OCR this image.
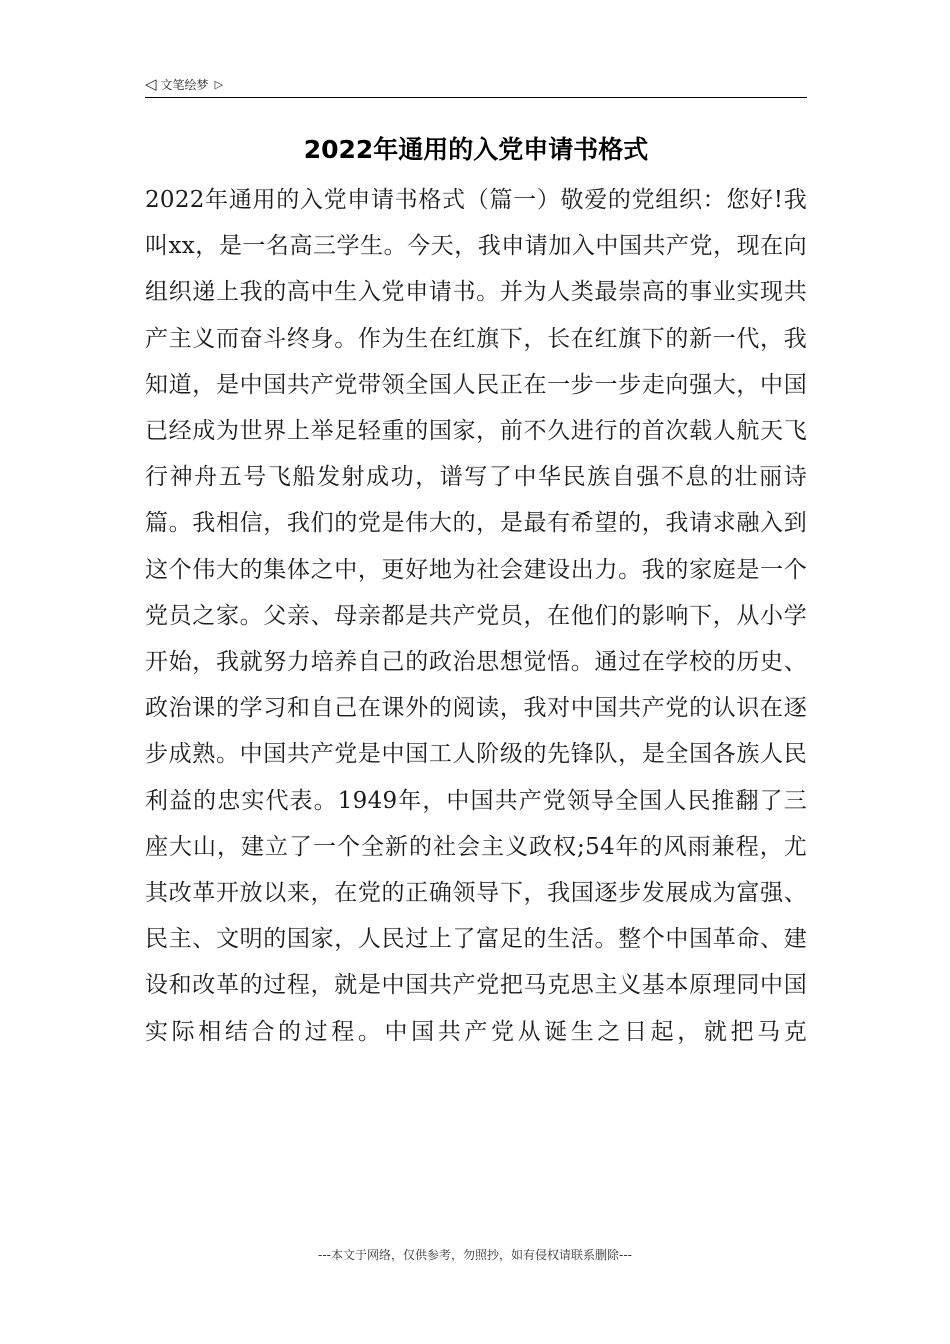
◁ 文笔绘梦 ▷
2022年通用的入党申请书格式

2022年通用的入党申请书格式（篇一）敬爱的党组织：您好!我叫xx，是一名高三学生。今天，我申请加入中国共产党，现在向组织递上我的高中生入党申请书。并为人类最崇高的事业实现共产主义而奋斗终身。作为生在红旗下，长在红旗下的新一代，我知道，是中国共产党带领全国人民正在一步一步走向强大，中国已经成为世界上举足轻重的国家，前不久进行的首次载人航天飞行神舟五号飞船发射成功，谱写了中华民族自强不息的壮丽诗篇。我相信，我们的党是伟大的，是最有希望的，我请求融入到这个伟大的集体之中，更好地为社会建设出力。我的家庭是一个党员之家。父亲、母亲都是共产党员，在他们的影响下，从小学开始，我就努力培养自己的政治思想觉悟。通过在学校的历史、政治课的学习和自己在课外的阅读，我对中国共产党的认识在逐步成熟。中国共产党是中国工人阶级的先锋队，是全国各族人民利益的忠实代表。1949年，中国共产党领导全国人民推翻了三座大山，建立了一个全新的社会主义政权;54年的风雨兼程，尤其改革开放以来，在党的正确领导下，我国逐步发展成为富强、民主、文明的国家，人民过上了富足的生活。整个中国革命、建设和改革的过程，就是中国共产党把马克思主义基本原理同中国实际相结合的过程。中国共产党从诞生之日起，就把马克

---本文于网络，仅供参考，勿照抄，如有侵权请联系删除---
